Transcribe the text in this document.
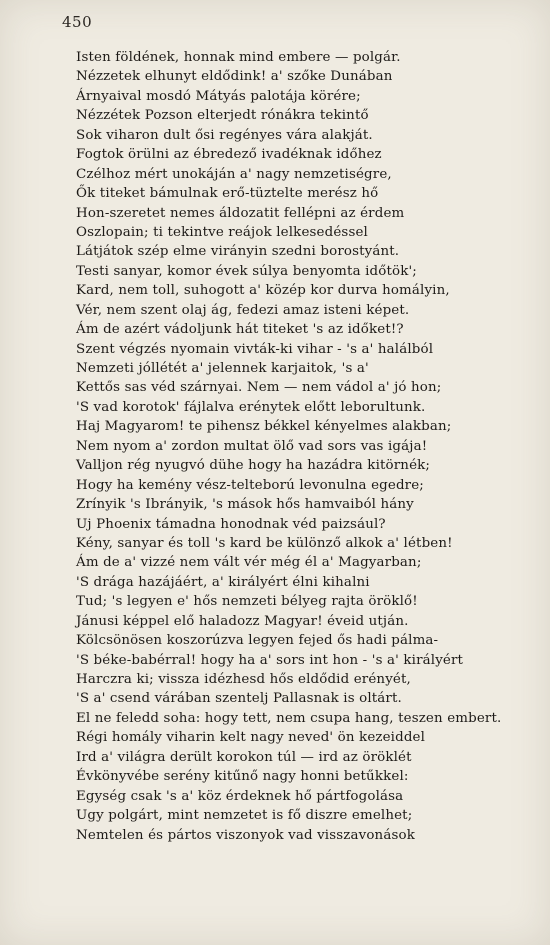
450
Isten földének, honnak mind embere — polgár.
Nézzetek elhunyt eldődink! a' szőke Dunában
Árnyaival mosdó Mátyás palotája körére;
Nézzétek Pozson elterjedt rónákra tekintő
Sok viharon dult ősi regényes vára alakját.
Fogtok örülni az ébredező ivadéknak időhez
Czélhoz mért unokáján a' nagy nemzetiségre,
Ők titeket bámulnak erő-tüztelte merész hő
Hon-szeretet nemes áldozatit fellépni az érdem
Oszlopain; ti tekintve reájok lelkesedéssel
Látjátok szép elme virányin szedni borostyánt.
Testi sanyar, komor évek súlya benyomta időtök';
Kard, nem toll, suhogott a' közép kor durva homályin,
Vér, nem szent olaj ág, fedezi amaz isteni képet.
Ám de azért vádoljunk hát titeket 's az időket!?
Szent végzés nyomain vivták-ki vihar - 's a' halálból
Nemzeti jóllétét a' jelennek karjaitok, 's a'
Kettős sas véd szárnyai. Nem — nem vádol a' jó hon;
'S vad korotok' fájlalva erénytek előtt leborultunk.
Haj Magyarom! te pihensz békkel kényelmes alakban;
Nem nyom a' zordon multat ölő vad sors vas igája!
Valljon rég nyugvó dühe hogy ha hazádra kitörnék;
Hogy ha kemény vész-telteború levonulna egedre;
Zrínyik 's Ibrányik, 's mások hős hamvaiból hány
Uj Phoenix támadna honodnak véd paizsául?
Kény, sanyar és toll 's kard be különző alkok a' létben!
Ám de a' vizzé nem vált vér még él a' Magyarban;
'S drága hazájáért, a' királyért élni kihalni
Tud; 's legyen e' hős nemzeti bélyeg rajta öröklő!
Jánusi képpel elő haladozz Magyar! éveid utján.
Kölcsönösen koszorúzva legyen fejed ős hadi pálma-
'S béke-babérral! hogy ha a' sors int hon - 's a' királyért
Harczra ki; vissza idézhesd hős eldődid erényét,
'S a' csend várában szentelj Pallasnak is oltárt.
El ne feledd soha: hogy tett, nem csupa hang, teszen embert.
Régi homály viharin kelt nagy neved' ön kezeiddel
Ird a' világra derült korokon túl — ird az öröklét
Évkönyvébe serény kitűnő nagy honni betűkkel:
Egység csak 's a' köz érdeknek hő pártfogolása
Ugy polgárt, mint nemzetet is fő diszre emelhet;
Nemtelen és pártos viszonyok vad visszavonások
